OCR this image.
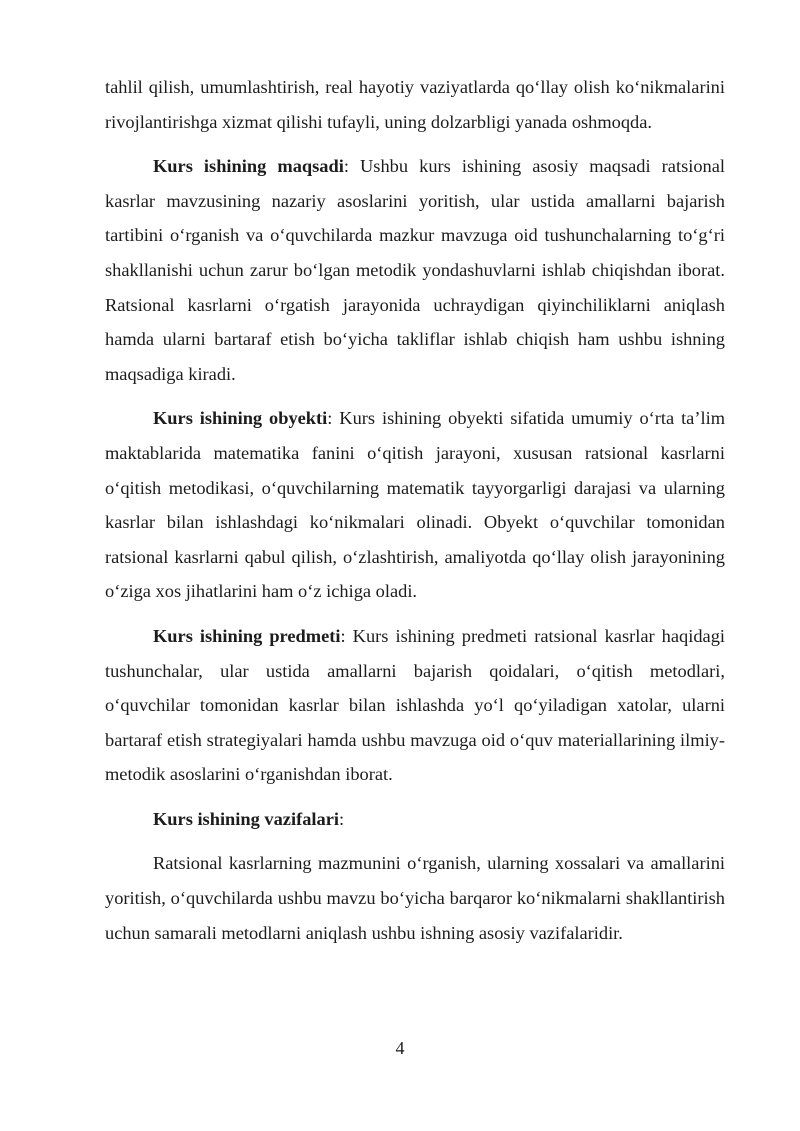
tahlil qilish, umumlashtirish, real hayotiy vaziyatlarda qo‘llay olish ko‘nikmalarini rivojlantirishga xizmat qilishi tufayli, uning dolzarbligi yanada oshmoqda.

Kurs ishining maqsadi: Ushbu kurs ishining asosiy maqsadi ratsional kasrlar mavzusining nazariy asoslarini yoritish, ular ustida amallarni bajarish tartibini o‘rganish va o‘quvchilarda mazkur mavzuga oid tushunchalarning to‘g‘ri shakllanishi uchun zarur bo‘lgan metodik yondashuvlarni ishlab chiqishdan iborat. Ratsional kasrlarni o‘rgatish jarayonida uchraydigan qiyinchiliklarni aniqlash hamda ularni bartaraf etish bo‘yicha takliflar ishlab chiqish ham ushbu ishning maqsadiga kiradi.

Kurs ishining obyekti: Kurs ishining obyekti sifatida umumiy o‘rta ta’lim maktablarida matematika fanini o‘qitish jarayoni, xususan ratsional kasrlarni o‘qitish metodikasi, o‘quvchilarning matematik tayyorgarligi darajasi va ularning kasrlar bilan ishlashdagi ko‘nikmalari olinadi. Obyekt o‘quvchilar tomonidan ratsional kasrlarni qabul qilish, o‘zlashtirish, amaliyotda qo‘llay olish jarayonining o‘ziga xos jihatlarini ham o‘z ichiga oladi.

Kurs ishining predmeti: Kurs ishining predmeti ratsional kasrlar haqidagi tushunchalar, ular ustida amallarni bajarish qoidalari, o‘qitish metodlari, o‘quvchilar tomonidan kasrlar bilan ishlashda yo‘l qo‘yiladigan xatolar, ularni bartaraf etish strategiyalari hamda ushbu mavzuga oid o‘quv materiallarining ilmiy-metodik asoslarini o‘rganishdan iborat.

Kurs ishining vazifalari:

Ratsional kasrlarning mazmunini o‘rganish, ularning xossalari va amallarini yoritish, o‘quvchilarda ushbu mavzu bo‘yicha barqaror ko‘nikmalarni shakllantirish uchun samarali metodlarni aniqlash ushbu ishning asosiy vazifalaridir.

4
